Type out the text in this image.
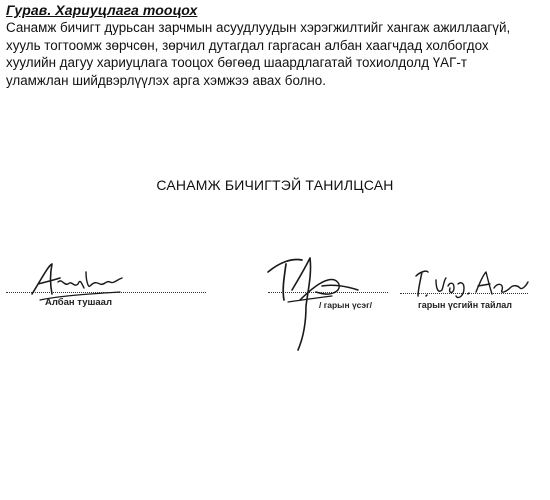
Гурав. Хариуцлага тооцох
Санамж бичигт дурьсан зарчмын асуудлуудын хэрэгжилтийг хангаж ажиллаагүй,
хууль тогтоомж зөрчсөн, зөрчил дутагдал гаргасан албан хаагчдад холбогдох
хуулийн дагуу хариуцлага тооцох бөгөөд шаардлагатай тохиолдолд ҮАГ-т
уламжлан шийдвэрлүүлэх арга хэмжээ авах болно.
САНАМЖ БИЧИГТЭЙ ТАНИЛЦСАН
Албан тушаал	/ гарын үсэг/	гарын үсгийн тайлал
